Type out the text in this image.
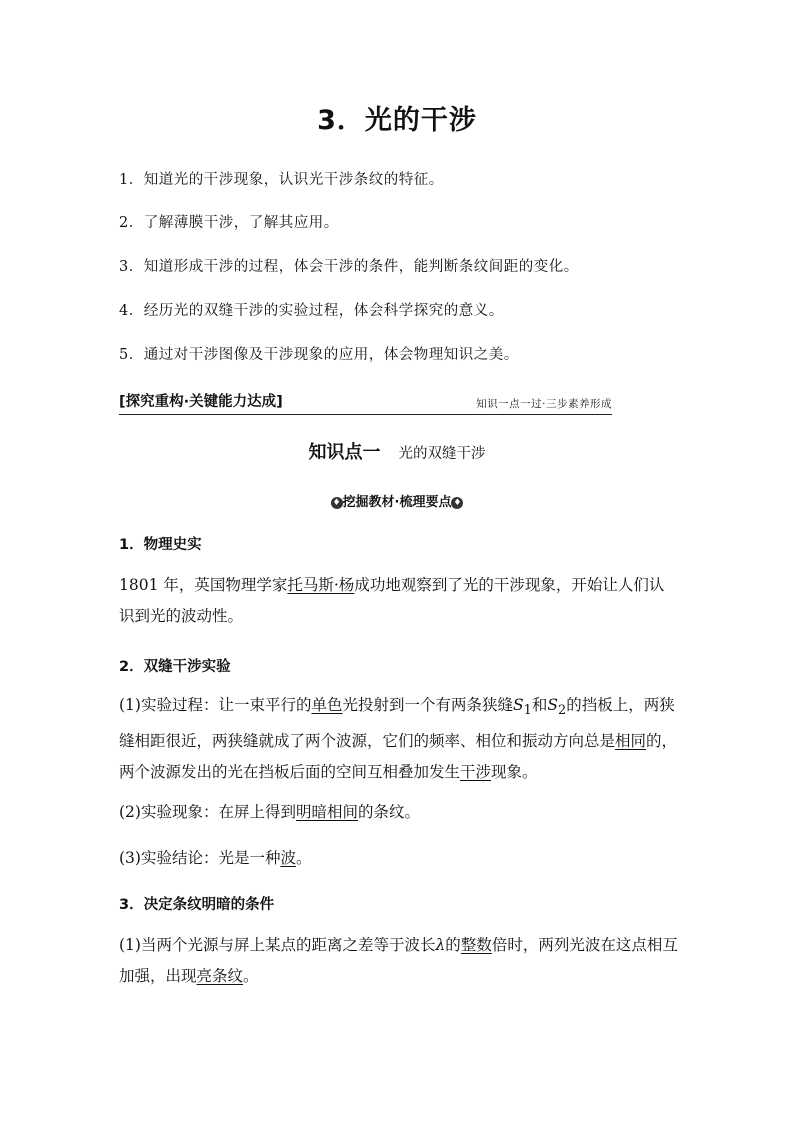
3．光的干涉
1．知道光的干涉现象，认识光干涉条纹的特征。
2．了解薄膜干涉，了解其应用。
3．知道形成干涉的过程，体会干涉的条件，能判断条纹间距的变化。
4．经历光的双缝干涉的实验过程，体会科学探究的意义。
5．通过对干涉图像及干涉现象的应用，体会物理知识之美。
[探究重构·关键能力达成]	知识一点一过·三步素养形成
知识点一 光的双缝干涉
♦ 挖掘教材·梳理要点 ♦
1．物理史实
1801 年，英国物理学家托马斯·杨成功地观察到了光的干涉现象，开始让人们认识到光的波动性。
2．双缝干涉实验
(1)实验过程：让一束平行的单色光投射到一个有两条狭缝$S_1$和$S_2$的挡板上，两狭缝相距很近，两狭缝就成了两个波源，它们的频率、相位和振动方向总是相同的，两个波源发出的光在挡板后面的空间互相叠加发生干涉现象。
(2)实验现象：在屏上得到明暗相间的条纹。
(3)实验结论：光是一种波。
3．决定条纹明暗的条件
(1)当两个光源与屏上某点的距离之差等于波长λ的整数倍时，两列光波在这点相互加强，出现亮条纹。
